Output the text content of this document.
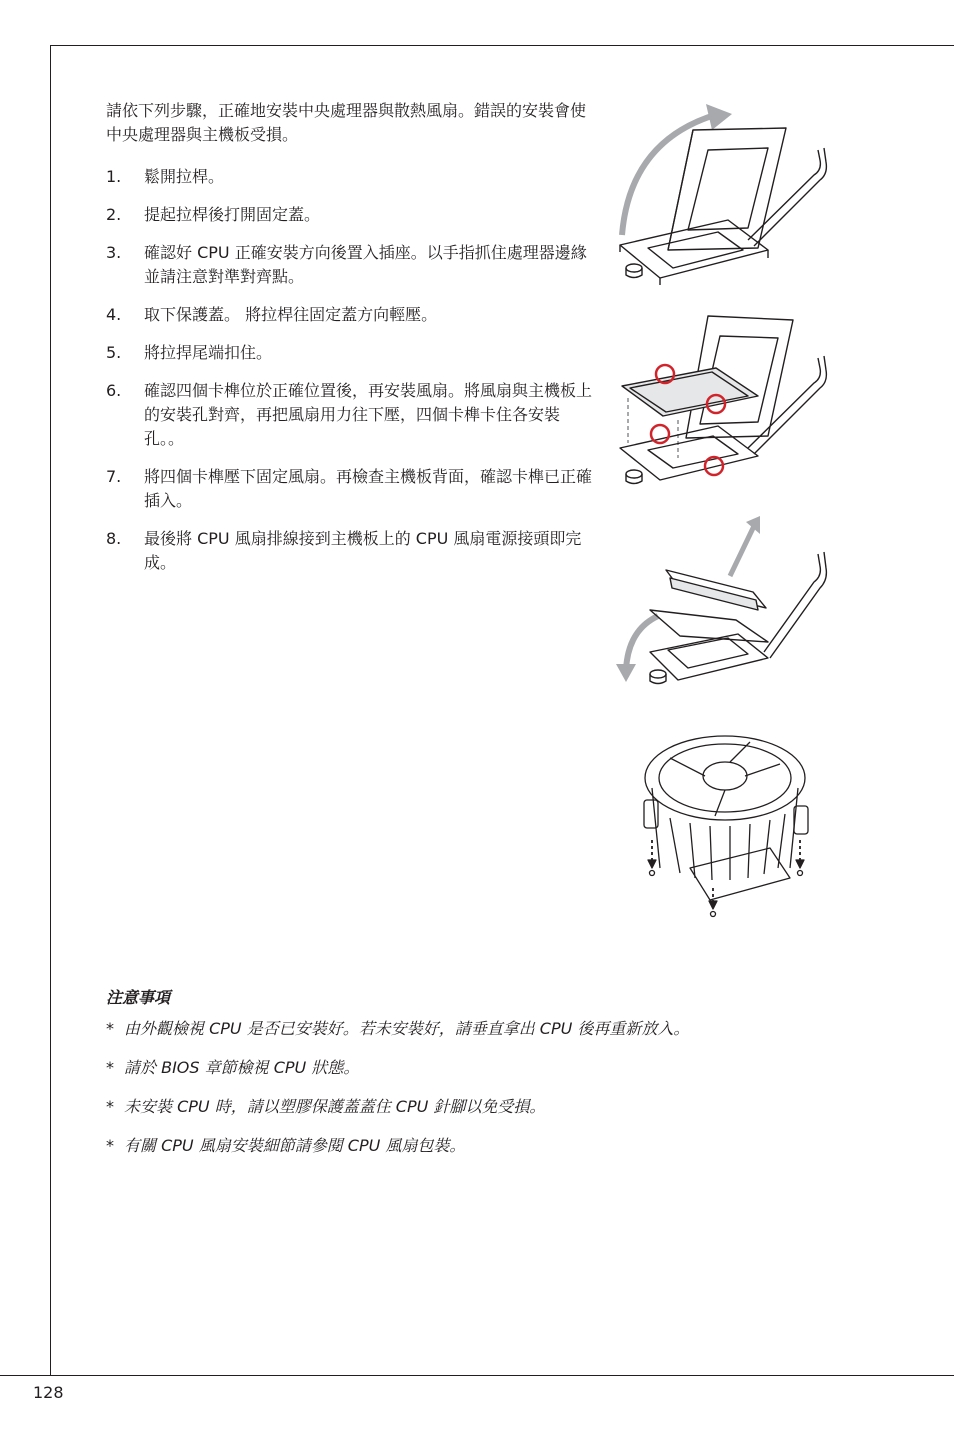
請依下列步驟，正確地安裝中央處理器與散熱風扇。錯誤的安裝會使中央處理器與主機板受損。

1.	鬆開拉桿。
2.	提起拉桿後打開固定蓋。
3.	確認好 CPU 正確安裝方向後置入插座。以手指抓住處理器邊緣並請注意對準對齊點。
4.	取下保護蓋。 將拉桿往固定蓋方向輕壓。
5.	將拉捍尾端扣住。
6.	確認四個卡榫位於正確位置後，再安裝風扇。將風扇與主機板上的安裝孔對齊，再把風扇用力往下壓，四個卡榫卡住各安裝孔。。
7.	將四個卡榫壓下固定風扇。再檢查主機板背面，確認卡榫已正確插入。
8.	最後將 CPU 風扇排線接到主機板上的 CPU 風扇電源接頭即完成。

注意事項

* 由外觀檢視 CPU 是否已安裝好。若未安裝好，請垂直拿出 CPU 後再重新放入。
* 請於 BIOS 章節檢視 CPU 狀態。
* 未安裝 CPU 時，請以塑膠保護蓋蓋住 CPU 針腳以免受損。
* 有關 CPU 風扇安裝細節請參閱 CPU 風扇包裝。
128
